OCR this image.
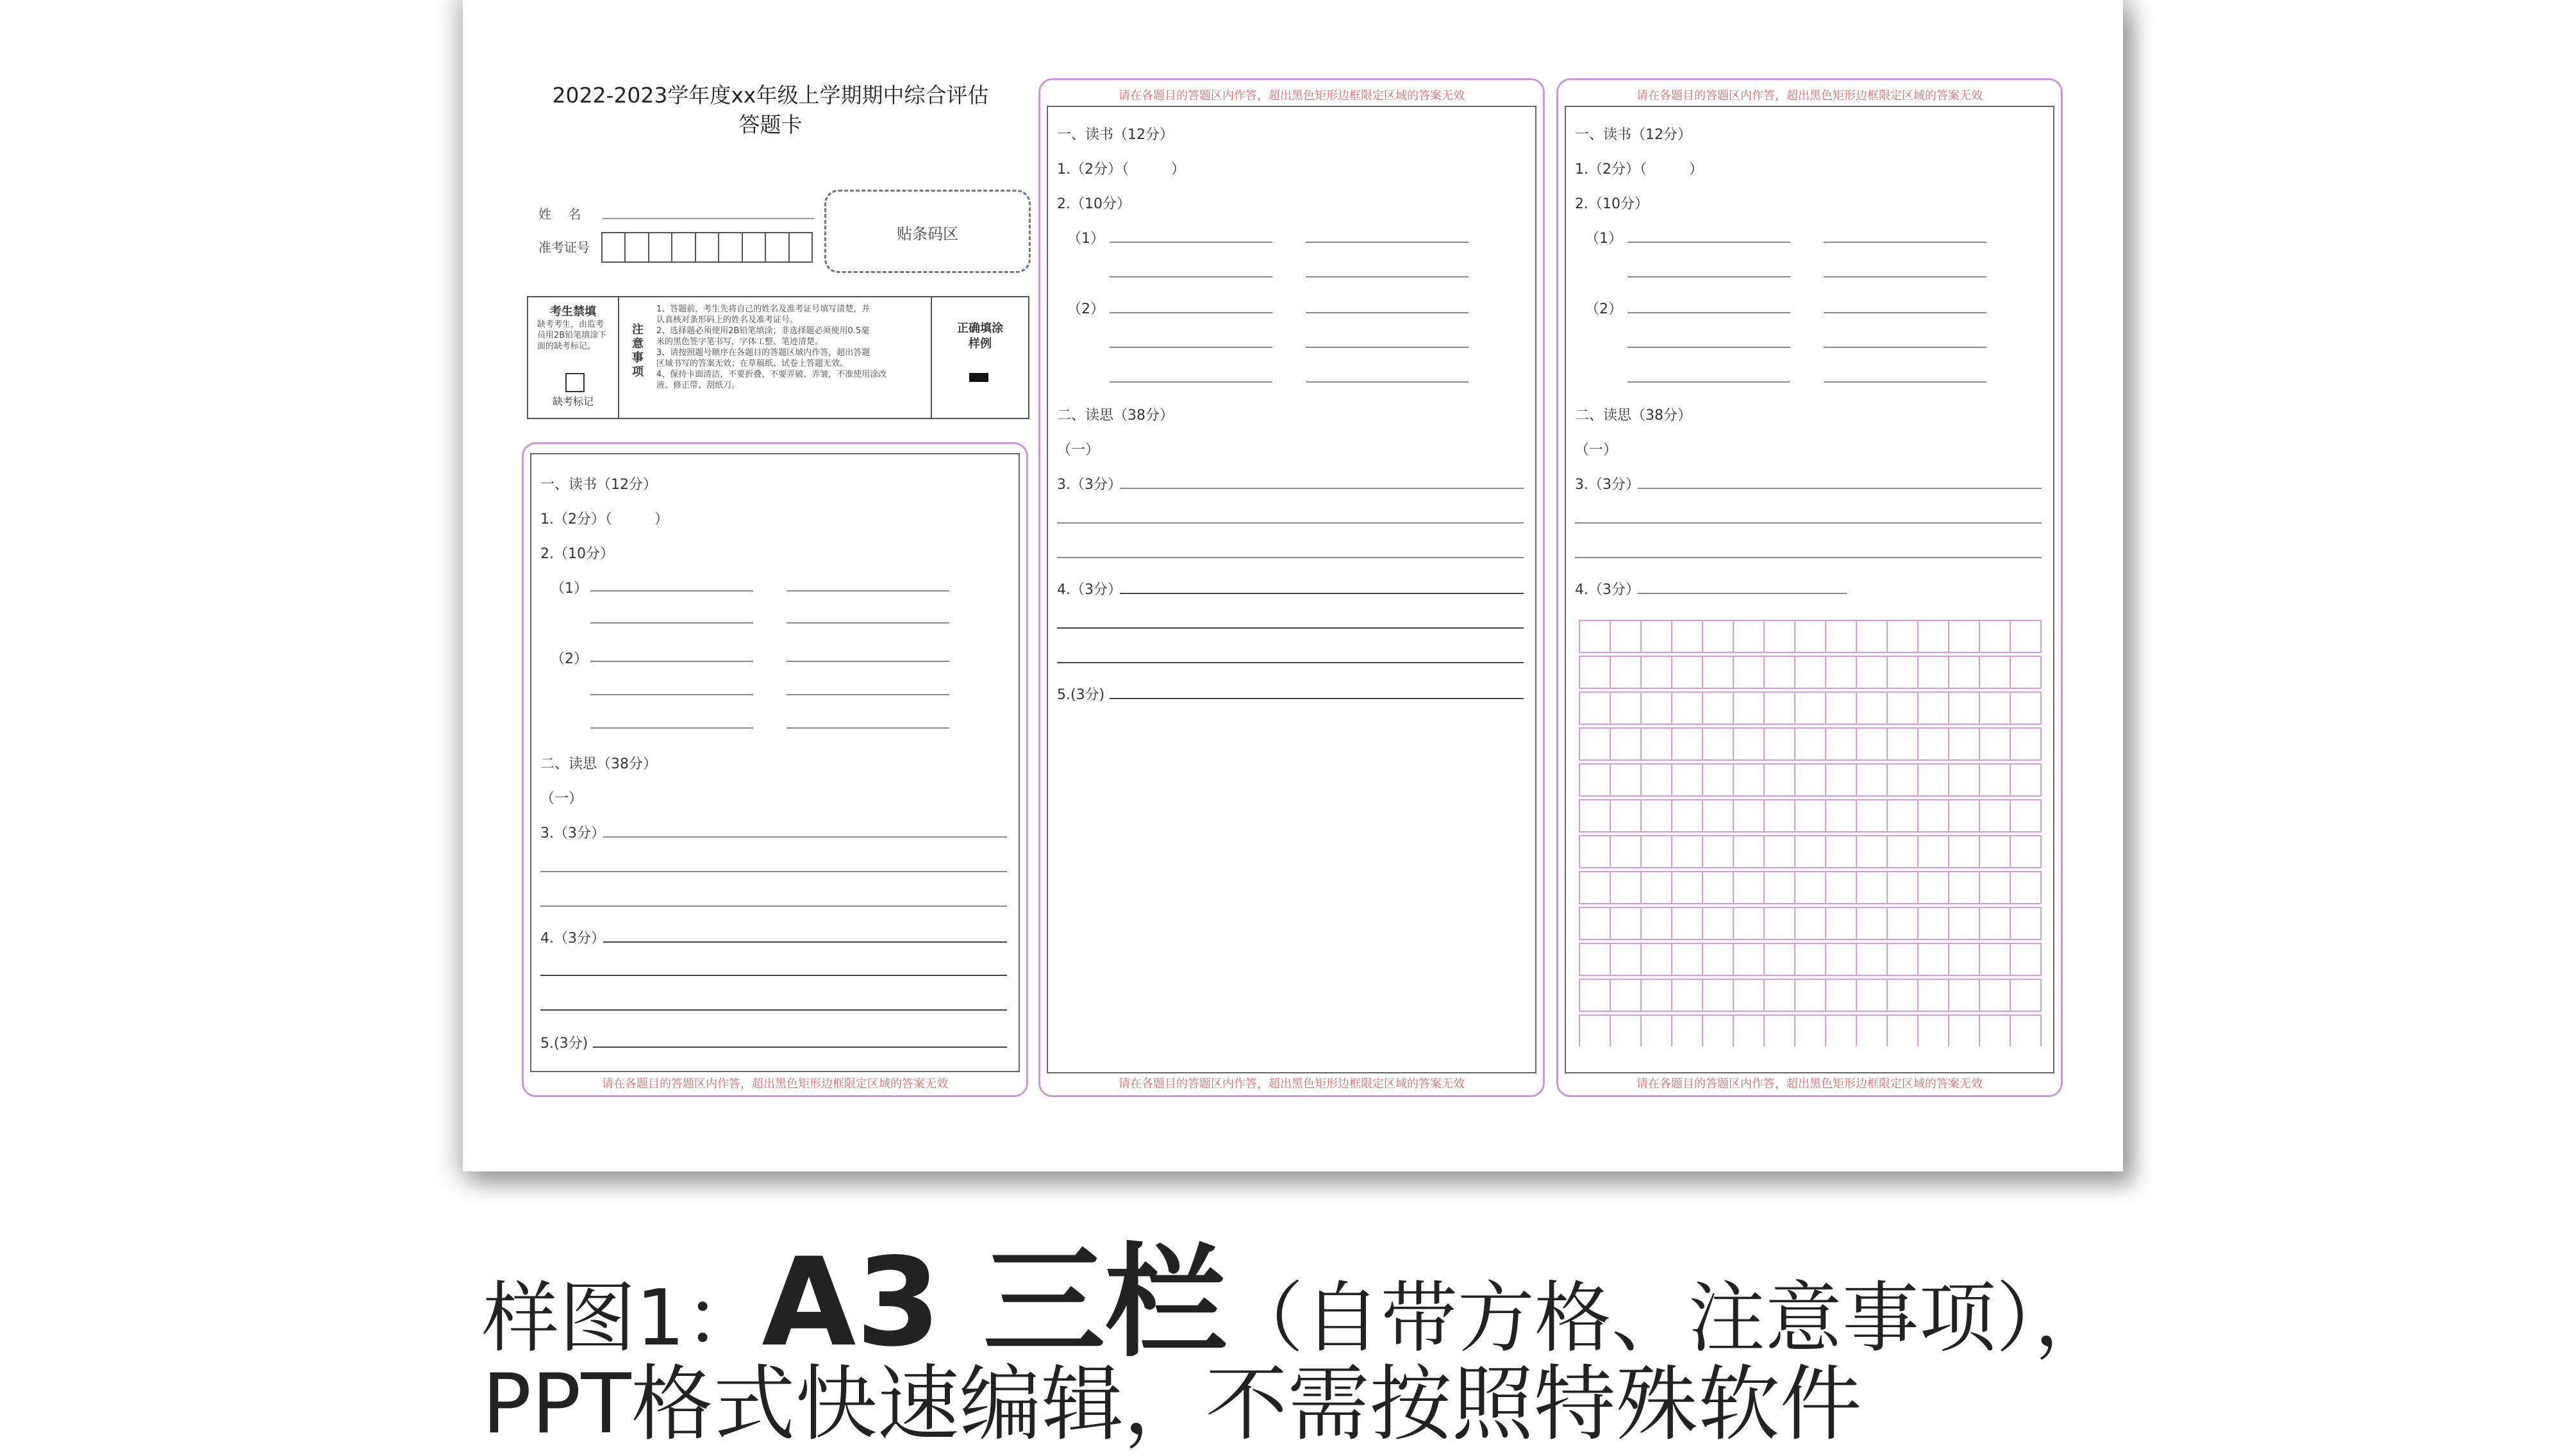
2022-2023学年度xx年级上学期期中综合评估
答题卡
姓　 名
准考证号
贴条码区
考生禁填
缺考考生，由监考员用2B铅笔填涂下面的缺考标记。
缺考标记
注意事项
1、答题前，考生先将自己的姓名及准考证号填写清楚，并
认真核对条形码上的姓名及准考证号。
2、选择题必须使用2B铅笔填涂；非选择题必须使用0.5毫
米的黑色签字笔书写，字体工整、笔迹清楚。
3、请按照题号顺序在各题目的答题区域内作答，超出答题
区域书写的答案无效；在草稿纸、试卷上答题无效。
4、保持卡面清洁，不要折叠、不要弄破、弄皱，不准使用涂改
液、修正带、刮纸刀。
正确填涂
样例
一、读书（12分）
1.（2分）（　　　）
2.（10分）
（1）
（2）
二、读思（38分）
（一）
3.（3分）
4.（3分）
5.(3分)
请在各题目的答题区内作答，超出黑色矩形边框限定区域的答案无效
请在各题目的答题区内作答，超出黑色矩形边框限定区域的答案无效
一、读书（12分）
1.（2分）（　　　）
2.（10分）
（1）
（2）
二、读思（38分）
（一）
3.（3分）
4.（3分）
5.(3分)
请在各题目的答题区内作答，超出黑色矩形边框限定区域的答案无效
请在各题目的答题区内作答，超出黑色矩形边框限定区域的答案无效
一、读书（12分）
1.（2分）（　　　）
2.（10分）
（1）
（2）
二、读思（38分）
（一）
3.（3分）
4.（3分）
请在各题目的答题区内作答，超出黑色矩形边框限定区域的答案无效
样图1：A3 三栏（自带方格、注意事项），
PPT格式快速编辑，不需按照特殊软件
